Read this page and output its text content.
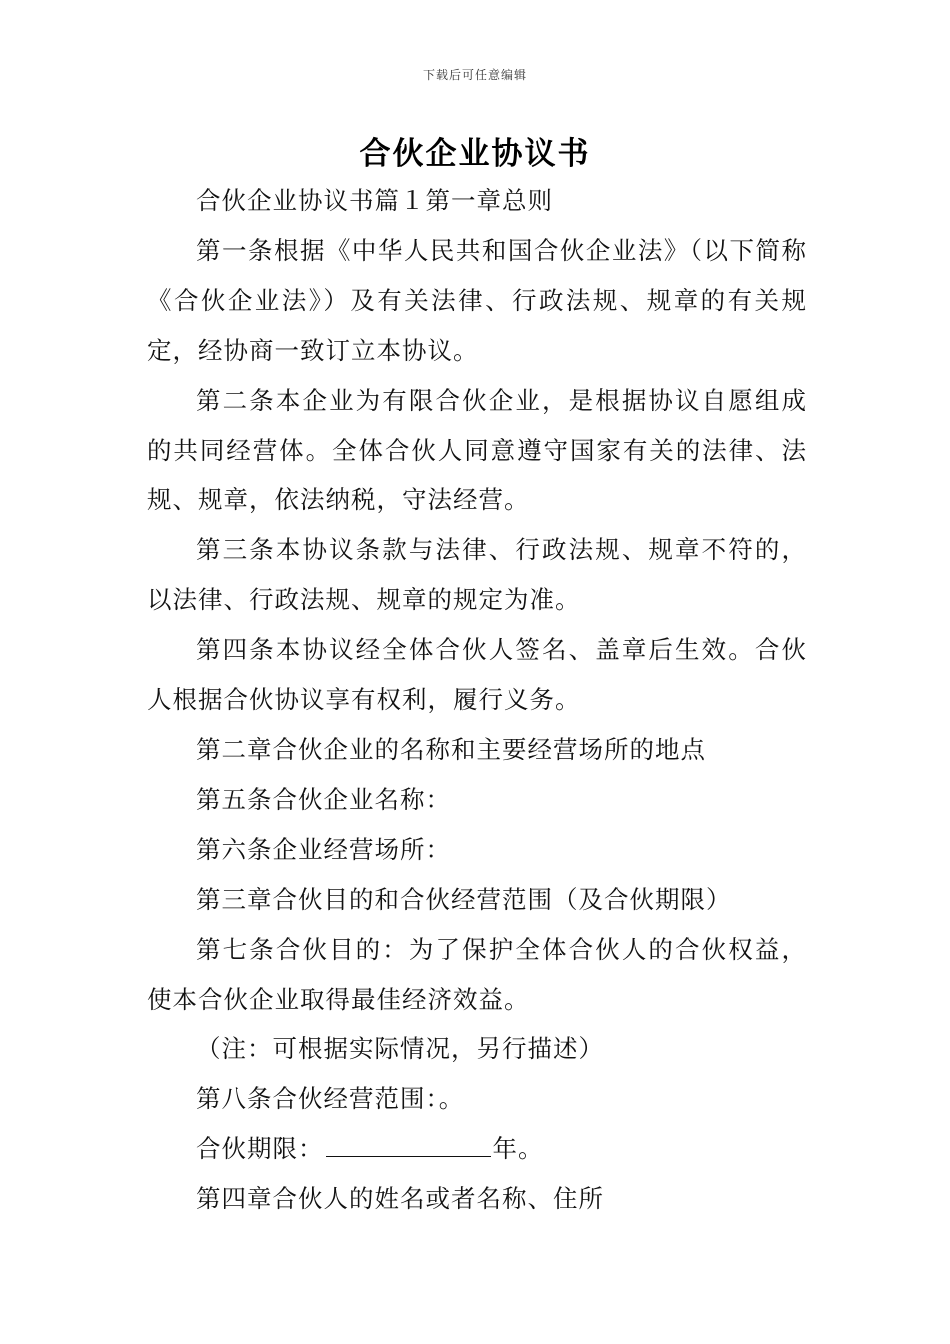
下载后可任意编辑
合伙企业协议书

合伙企业协议书篇１第一章总则

第一条根据《中华人民共和国合伙企业法》（以下简称《合伙企业法》）及有关法律、行政法规、规章的有关规定，经协商一致订立本协议。

第二条本企业为有限合伙企业，是根据协议自愿组成的共同经营体。全体合伙人同意遵守国家有关的法律、法规、规章，依法纳税，守法经营。

第三条本协议条款与法律、行政法规、规章不符的，以法律、行政法规、规章的规定为准。

第四条本协议经全体合伙人签名、盖章后生效。合伙人根据合伙协议享有权利，履行义务。

第二章合伙企业的名称和主要经营场所的地点

第五条合伙企业名称：

第六条企业经营场所：

第三章合伙目的和合伙经营范围（及合伙期限）

第七条合伙目的：为了保护全体合伙人的合伙权益，使本合伙企业取得最佳经济效益。

（注：可根据实际情况，另行描述）

第八条合伙经营范围：。

合伙期限：	年。

第四章合伙人的姓名或者名称、住所
